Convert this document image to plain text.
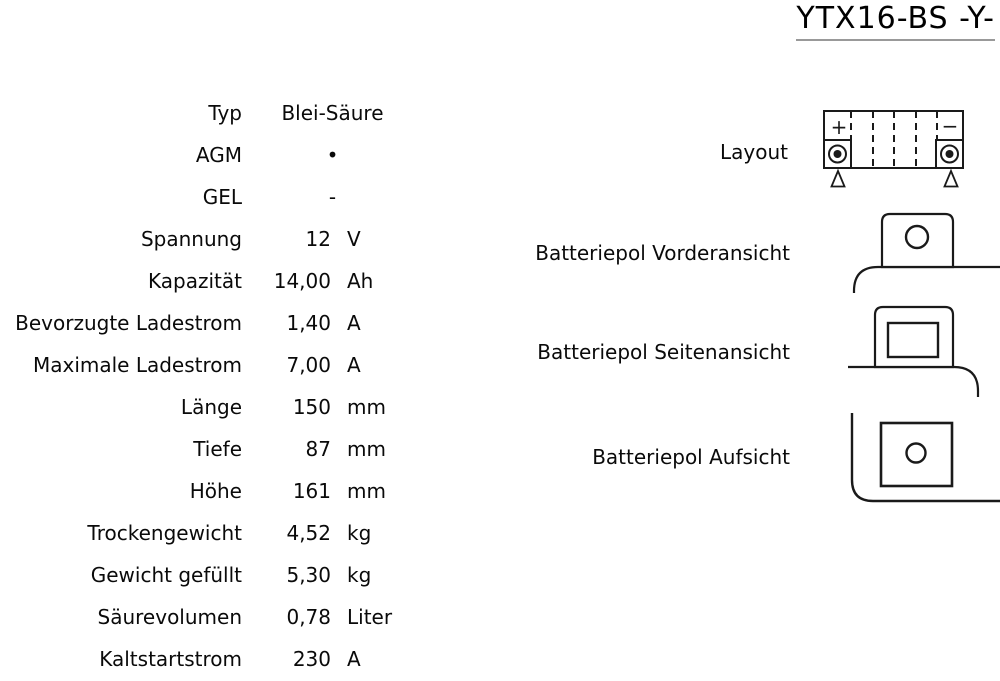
YTX16-BS -Y-
Typ	Blei-Säure
AGM	•
GEL	-
Spannung	12 V
Kapazität	14,00 Ah
Bevorzugte Ladestrom	1,40 A
Maximale Ladestrom	7,00 A
Länge	150 mm
Tiefe	87 mm
Höhe	161 mm
Trockengewicht	4,52 kg
Gewicht gefüllt	5,30 kg
Säurevolumen	0,78 Liter
Kaltstartstrom	230 A
Layout
Batteriepol Vorderansicht
Batteriepol Seitenansicht
Batteriepol Aufsicht
+	−
